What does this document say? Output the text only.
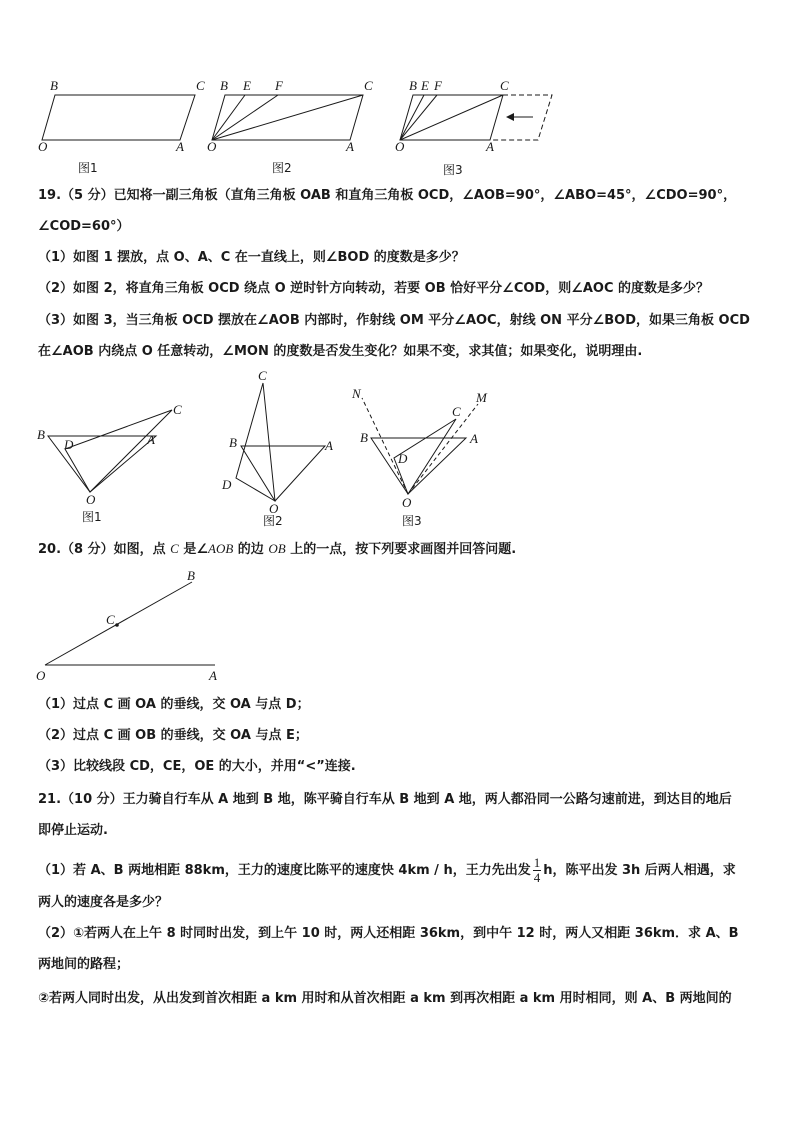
B	C
O	A
图1
B E F	C
O	A
图2
B E F	C
O	A
图3
19.（5 分）已知将一副三角板（直角三角板 OAB 和直角三角板 OCD，∠AOB=90°，∠ABO=45°，∠CDO=90°，
∠COD=60°）
（1）如图 1 摆放，点 O、A、C 在一直线上，则∠BOD 的度数是多少？
（2）如图 2，将直角三角板 OCD 绕点 O 逆时针方向转动，若要 OB 恰好平分∠COD，则∠AOC 的度数是多少？
（3）如图 3，当三角板 OCD 摆放在∠AOB 内部时，作射线 OM 平分∠AOC，射线 ON 平分∠BOD，如果三角板 OCD
在∠AOB 内绕点 O 任意转动，∠MON 的度数是否发生变化？如果不变，求其值；如果变化，说明理由.
B
D	A
C
O
图1
C
B	A
D
O
图2
N	M
C
B	A
D
O
图3
20.（8 分）如图，点 C 是∠AOB 的边 OB 上的一点，按下列要求画图并回答问题.
B
C
O	A
（1）过点 C 画 OA 的垂线，交 OA 与点 D；
（2）过点 C 画 OB 的垂线，交 OA 与点 E；
（3）比较线段 CD，CE，OE 的大小，并用“<”连接.
21.（10 分）王力骑自行车从 A 地到 B 地，陈平骑自行车从 B 地到 A 地，两人都沿同一公路匀速前进，到达目的地后
即停止运动.
（1）若 A、B 两地相距 88km，王力的速度比陈平的速度快 4km / h，王力先出发 $\frac{1}{4}$ h，陈平出发 3h 后两人相遇，求
两人的速度各是多少？
（2）①若两人在上午 8 时同时出发，到上午 10 时，两人还相距 36km，到中午 12 时，两人又相距 36km．求 A、B
两地间的路程；
②若两人同时出发，从出发到首次相距 a km 用时和从首次相距 a km 到再次相距 a km 用时相同，则 A、B 两地间的
